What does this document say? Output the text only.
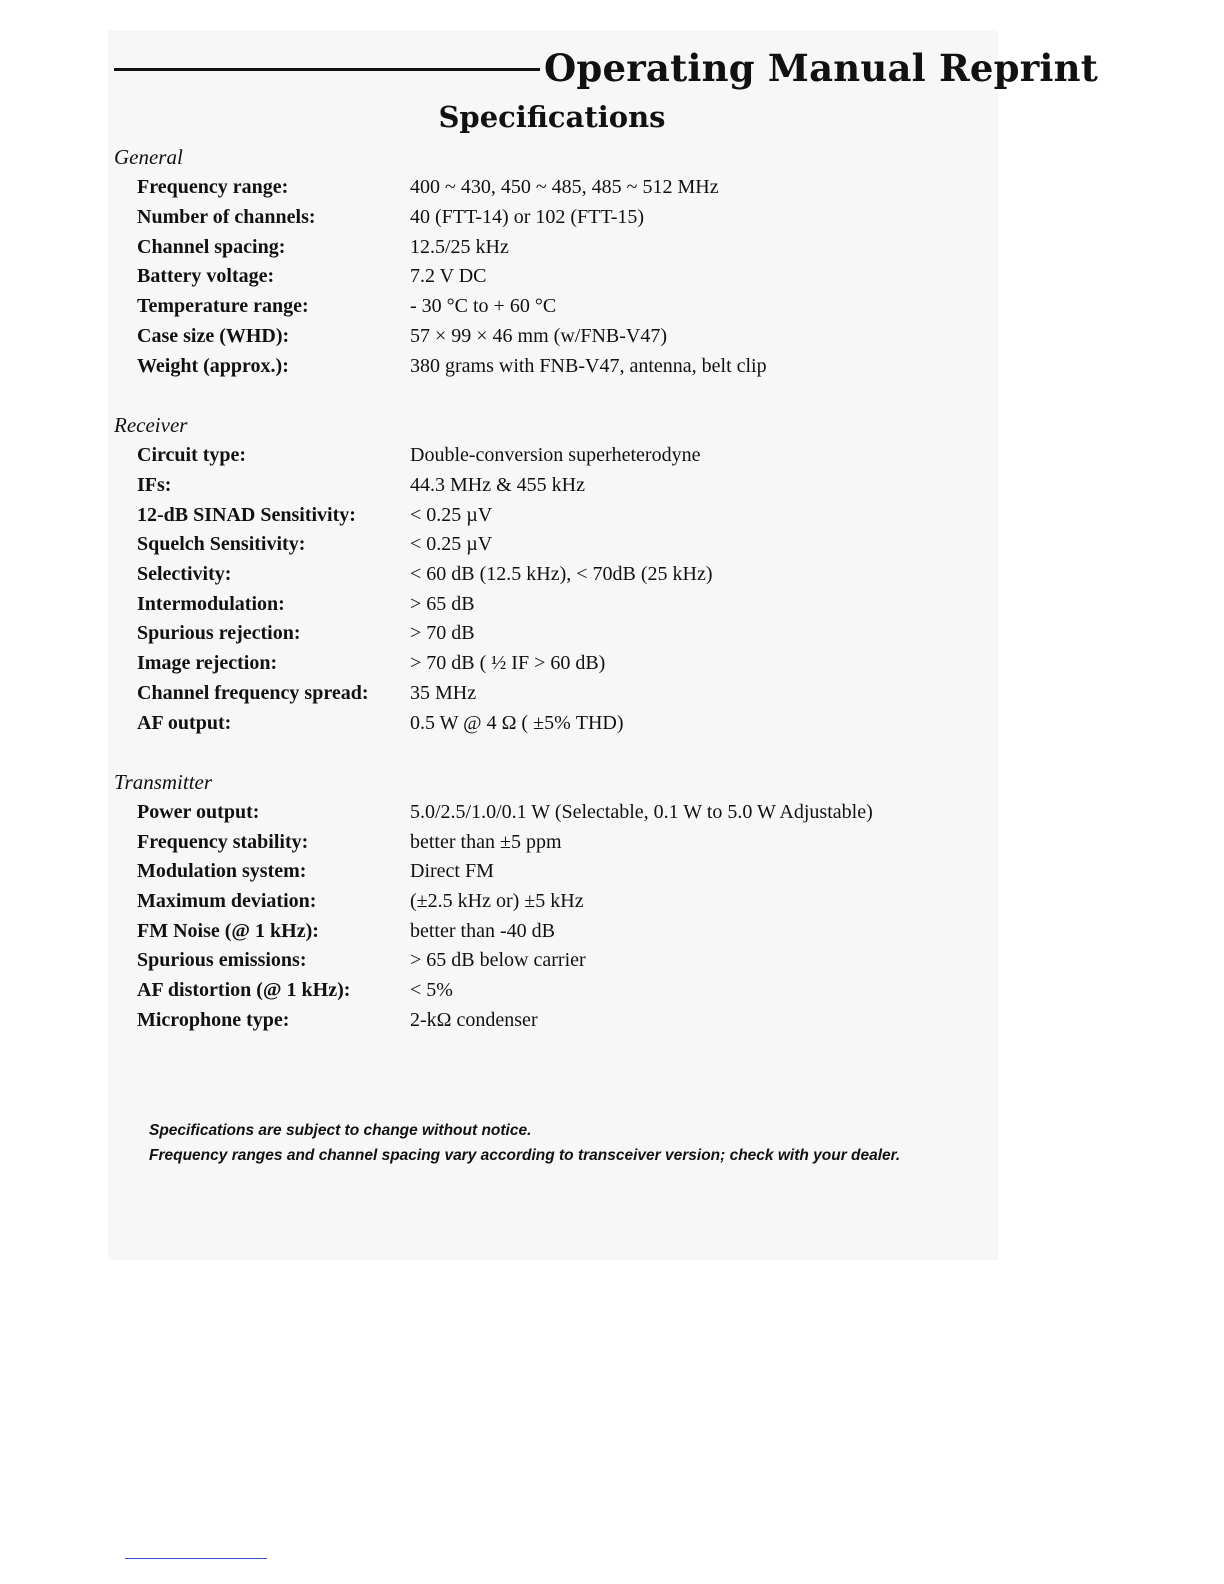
Operating Manual Reprint
Specifications
General
Frequency range:	400 ~ 430, 450 ~ 485, 485 ~ 512 MHz
Number of channels:	40 (FTT-14) or 102 (FTT-15)
Channel spacing:	12.5/25 kHz
Battery voltage:	7.2 V DC
Temperature range:	- 30 °C to + 60 °C
Case size (WHD):	57 × 99 × 46 mm (w/FNB-V47)
Weight (approx.):	380 grams with FNB-V47, antenna, belt clip
Receiver
Circuit type:	Double-conversion superheterodyne
IFs:	44.3 MHz & 455 kHz
12-dB SINAD Sensitivity:	< 0.25 µV
Squelch Sensitivity:	< 0.25 µV
Selectivity:	< 60 dB (12.5 kHz), < 70dB (25 kHz)
Intermodulation:	> 65 dB
Spurious rejection:	> 70 dB
Image rejection:	> 70 dB ( ½ IF > 60 dB)
Channel frequency spread: 35 MHz
AF output:	0.5 W @ 4 Ω ( ±5% THD)
Transmitter
Power output:	5.0/2.5/1.0/0.1 W (Selectable, 0.1 W to 5.0 W Adjustable)
Frequency stability:	better than ±5 ppm
Modulation system:	Direct FM
Maximum deviation:	(±2.5 kHz or) ±5 kHz
FM Noise (@ 1 kHz):	better than -40 dB
Spurious emissions:	> 65 dB below carrier
AF distortion (@ 1 kHz):	< 5%
Microphone type:	2-kΩ condenser
Specifications are subject to change without notice.
Frequency ranges and channel spacing vary according to transceiver version; check with your dealer.
